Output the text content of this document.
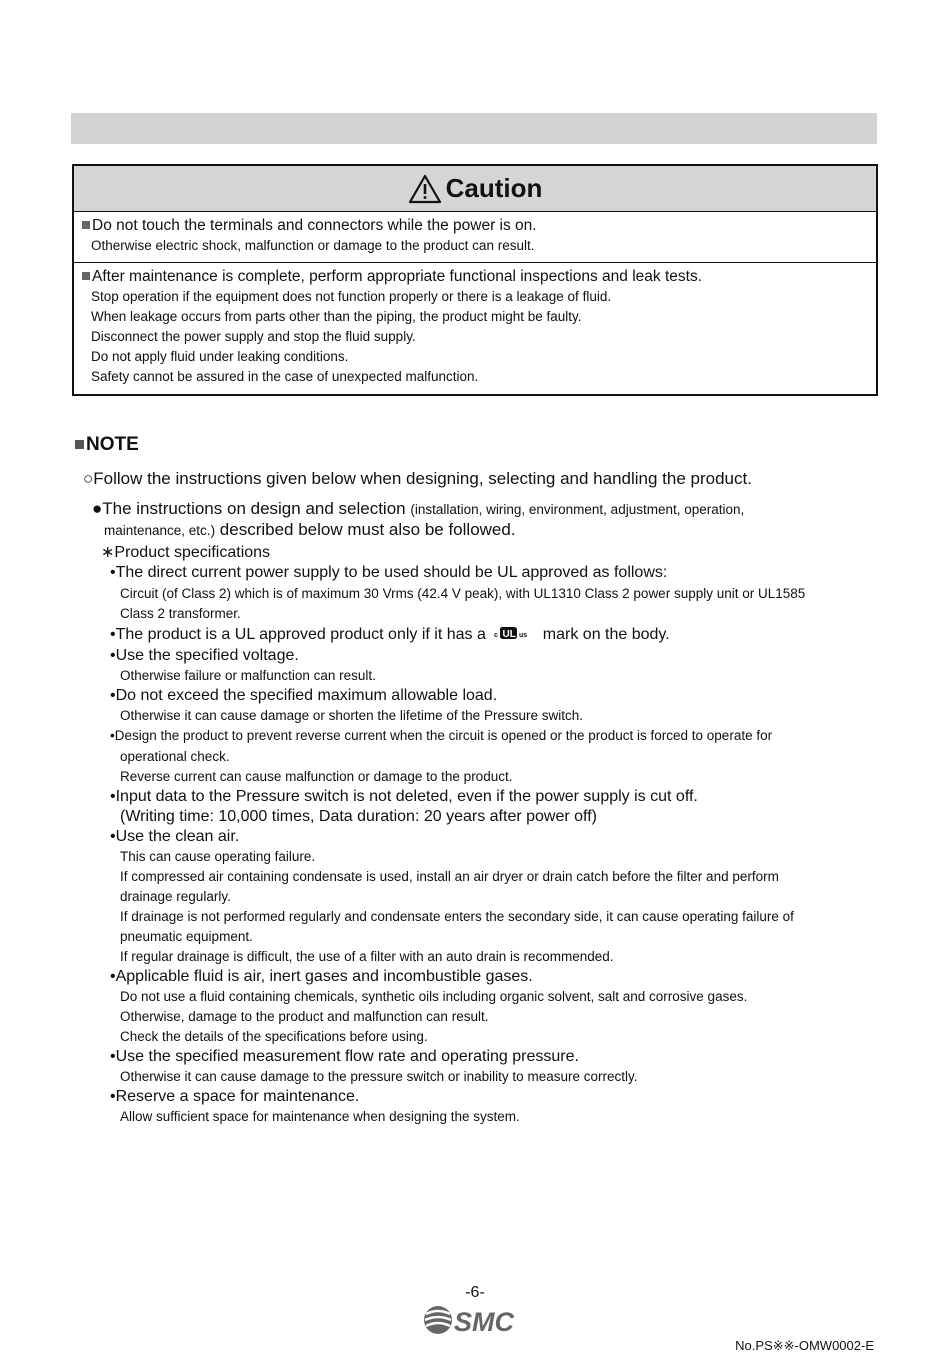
Caution
Do not touch the terminals and connectors while the power is on.
Otherwise electric shock, malfunction or damage to the product can result.
After maintenance is complete, perform appropriate functional inspections and leak tests.
Stop operation if the equipment does not function properly or there is a leakage of fluid.
When leakage occurs from parts other than the piping, the product might be faulty.
Disconnect the power supply and stop the fluid supply.
Do not apply fluid under leaking conditions.
Safety cannot be assured in the case of unexpected malfunction.
NOTE
○Follow the instructions given below when designing, selecting and handling the product.
●The instructions on design and selection (installation, wiring, environment, adjustment, operation,
maintenance, etc.) described below must also be followed.
∗Product specifications
•The direct current power supply to be used should be UL approved as follows:
Circuit (of Class 2) which is of maximum 30 Vrms (42.4 V peak), with UL1310 Class 2 power supply unit or UL1585
Class 2 transformer.
•The product is a UL approved product only if it has a c UL us mark on the body.
•Use the specified voltage.
Otherwise failure or malfunction can result.
•Do not exceed the specified maximum allowable load.
Otherwise it can cause damage or shorten the lifetime of the Pressure switch.
•Design the product to prevent reverse current when the circuit is opened or the product is forced to operate for
operational check.
Reverse current can cause malfunction or damage to the product.
•Input data to the Pressure switch is not deleted, even if the power supply is cut off.
(Writing time: 10,000 times, Data duration: 20 years after power off)
•Use the clean air.
This can cause operating failure.
If compressed air containing condensate is used, install an air dryer or drain catch before the filter and perform
drainage regularly.
If drainage is not performed regularly and condensate enters the secondary side, it can cause operating failure of
pneumatic equipment.
If regular drainage is difficult, the use of a filter with an auto drain is recommended.
•Applicable fluid is air, inert gases and incombustible gases.
Do not use a fluid containing chemicals, synthetic oils including organic solvent, salt and corrosive gases.
Otherwise, damage to the product and malfunction can result.
Check the details of the specifications before using.
•Use the specified measurement flow rate and operating pressure.
Otherwise it can cause damage to the pressure switch or inability to measure correctly.
•Reserve a space for maintenance.
Allow sufficient space for maintenance when designing the system.
-6-
SMC
No.PS※※-OMW0002-E
